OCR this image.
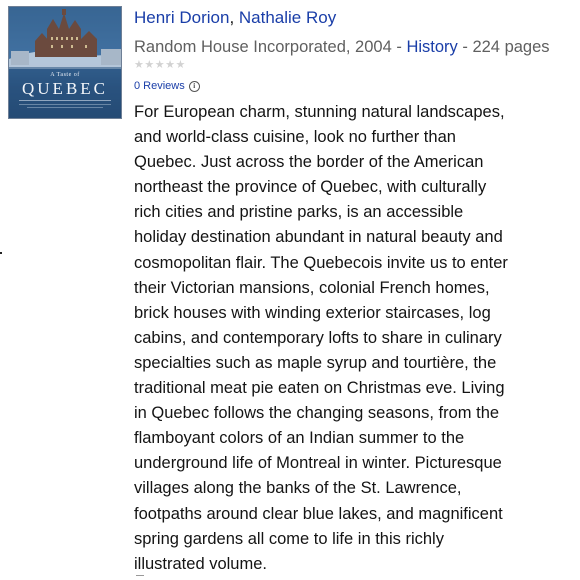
A Taste of
QUEBEC
Henri Dorion, Nathalie Roy
Random House Incorporated, 2004 - History - 224 pages
★★★★★
0 Reviews	i

For European charm, stunning natural landscapes,
and world-class cuisine, look no further than
Quebec. Just across the border of the American
northeast the province of Quebec, with culturally
rich cities and pristine parks, is an accessible
holiday destination abundant in natural beauty and
cosmopolitan flair. The Quebecois invite us to enter
their Victorian mansions, colonial French homes,
brick houses with winding exterior staircases, log
cabins, and contemporary lofts to share in culinary
specialties such as maple syrup and tourtière, the
traditional meat pie eaten on Christmas eve. Living
in Quebec follows the changing seasons, from the
flamboyant colors of an Indian summer to the
underground life of Montreal in winter. Picturesque
villages along the banks of the St. Lawrence,
footpaths around clear blue lakes, and magnificent
spring gardens all come to life in this richly
illustrated volume.
